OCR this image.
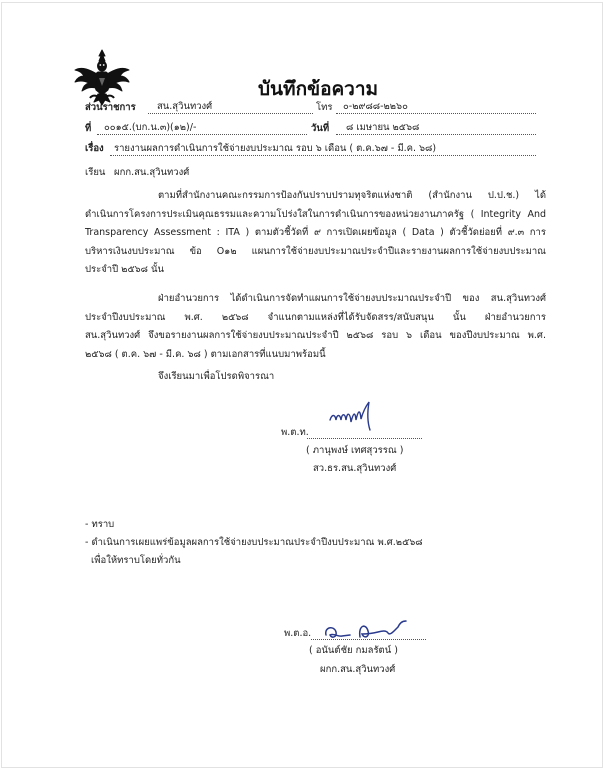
บันทึกข้อความ
ส่วนราชการ สน.สุวินทวงศ์	โทร ๐-๒๙๘๘-๒๒๖๐
ที่ ๐๐๑๕.(บก.น.๓)(๑๒)/-	วันที่ ๘ เมษายน ๒๕๖๘
เรื่อง รายงานผลการดำเนินการใช้จ่ายงบประมาณ รอบ ๖ เดือน ( ต.ค.๖๗ - มี.ค. ๖๘)
เรียน ผกก.สน.สุวินทวงศ์
ตามที่สำนักงานคณะกรรมการป้องกันปราบปรามทุจริตแห่งชาติ (สำนักงาน ป.ป.ช.) ได้
ดำเนินการโครงการประเมินคุณธรรมและความโปร่งใสในการดำเนินการของหน่วยงานภาครัฐ ( Integrity And
Transparency Assessment : ITA ) ตามตัวชี้วัดที่ ๙ การเปิดเผยข้อมูล ( Data ) ตัวชี้วัดย่อยที่ ๙.๓ การ
บริหารเงินงบประมาณ ข้อ O๑๒ แผนการใช้จ่ายงบประมาณประจำปีและรายงานผลการใช้จ่ายงบประมาณ
ประจำปี ๒๕๖๘ นั้น
ฝ่ายอำนวยการ ได้ดำเนินการจัดทำแผนการใช้จ่ายงบประมาณประจำปี ของ สน.สุวินทวงศ์
ประจำปีงบประมาณ พ.ศ. ๒๕๖๘ จำแนกตามแหล่งที่ได้รับจัดสรร/สนับสนุน นั้น ฝ่ายอำนวยการ
สน.สุวินทวงศ์ จึงขอรายงานผลการใช้จ่ายงบประมาณประจำปี ๒๕๖๘ รอบ ๖ เดือน ของปีงบประมาณ พ.ศ.
๒๕๖๘ ( ต.ค. ๖๗ - มี.ค. ๖๘ ) ตามเอกสารที่แนบมาพร้อมนี้
จึงเรียนมาเพื่อโปรดพิจารณา
พ.ต.ท.
( ภานุพงษ์ เทศสุวรรณ )
สว.ธร.สน.สุวินทวงศ์
- ทราบ
- ดำเนินการเผยแพร่ข้อมูลผลการใช้จ่ายงบประมาณประจำปีงบประมาณ พ.ศ.๒๕๖๘
เพื่อให้ทราบโดยทั่วกัน
พ.ต.อ.
( อนันต์ชัย กมลรัตน์ )
ผกก.สน.สุวินทวงศ์
